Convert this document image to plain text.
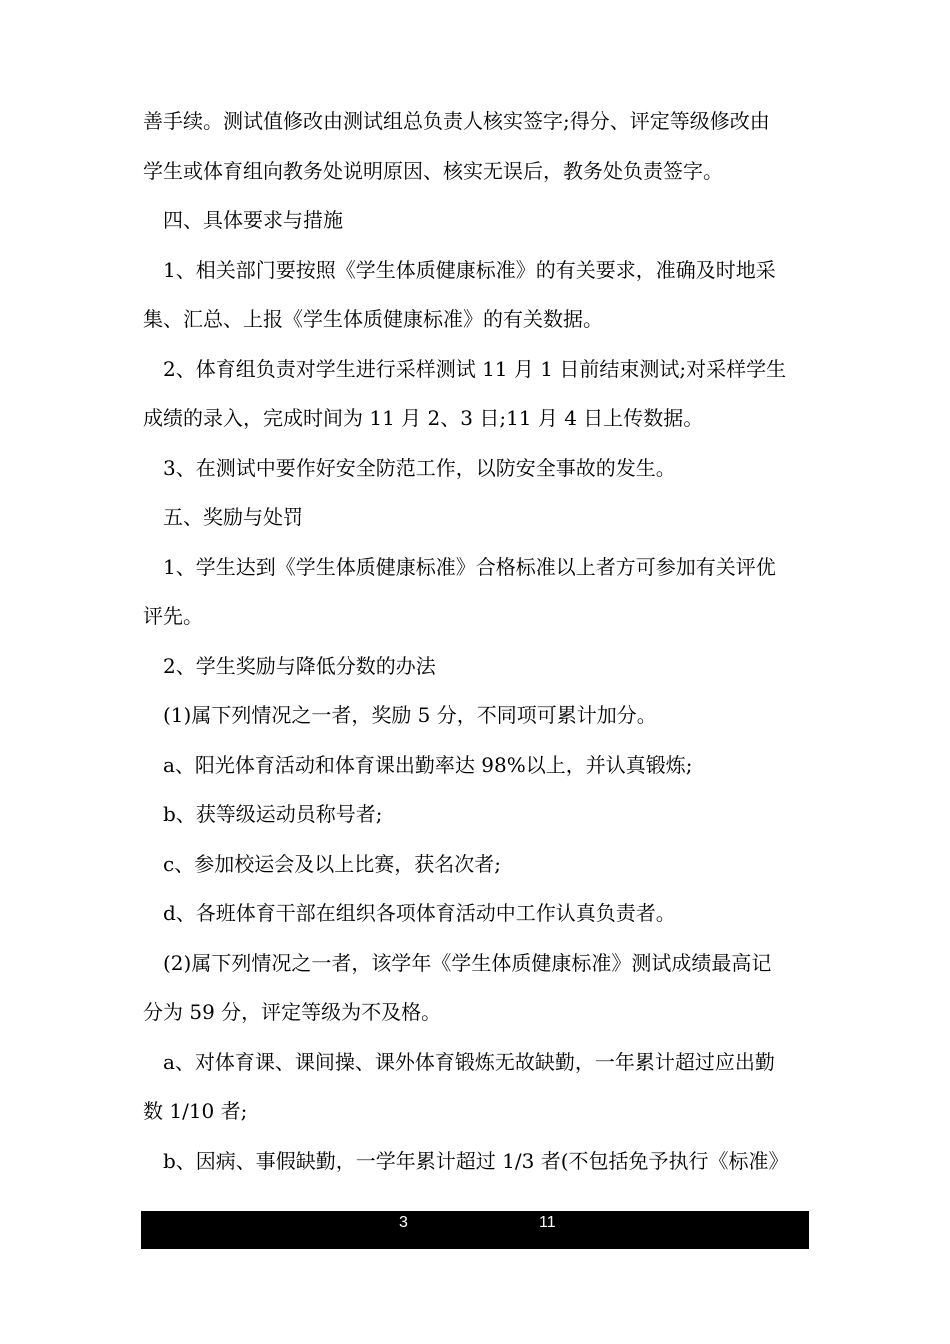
善手续。测试值修改由测试组总负责人核实签字;得分、评定等级修改由

学生或体育组向教务处说明原因、核实无误后，教务处负责签字。

　四、具体要求与措施

　1、相关部门要按照《学生体质健康标准》的有关要求，准确及时地采

集、汇总、上报《学生体质健康标准》的有关数据。

　2、体育组负责对学生进行采样测试 11 月 1 日前结束测试;对采样学生

成绩的录入，完成时间为 11 月 2、3 日;11 月 4 日上传数据。

　3、在测试中要作好安全防范工作，以防安全事故的发生。

　五、奖励与处罚

　1、学生达到《学生体质健康标准》合格标准以上者方可参加有关评优

评先。

　2、学生奖励与降低分数的办法

　(1)属下列情况之一者，奖励 5 分，不同项可累计加分。

　a、阳光体育活动和体育课出勤率达 98%以上，并认真锻炼;

　b、获等级运动员称号者;

　c、参加校运会及以上比赛，获名次者;

　d、各班体育干部在组织各项体育活动中工作认真负责者。

　(2)属下列情况之一者，该学年《学生体质健康标准》测试成绩最高记

分为 59 分，评定等级为不及格。

　a、对体育课、课间操、课外体育锻炼无故缺勤，一年累计超过应出勤

数 1/10 者;

　b、因病、事假缺勤，一学年累计超过 1/3 者(不包括免予执行《标准》

3	11
